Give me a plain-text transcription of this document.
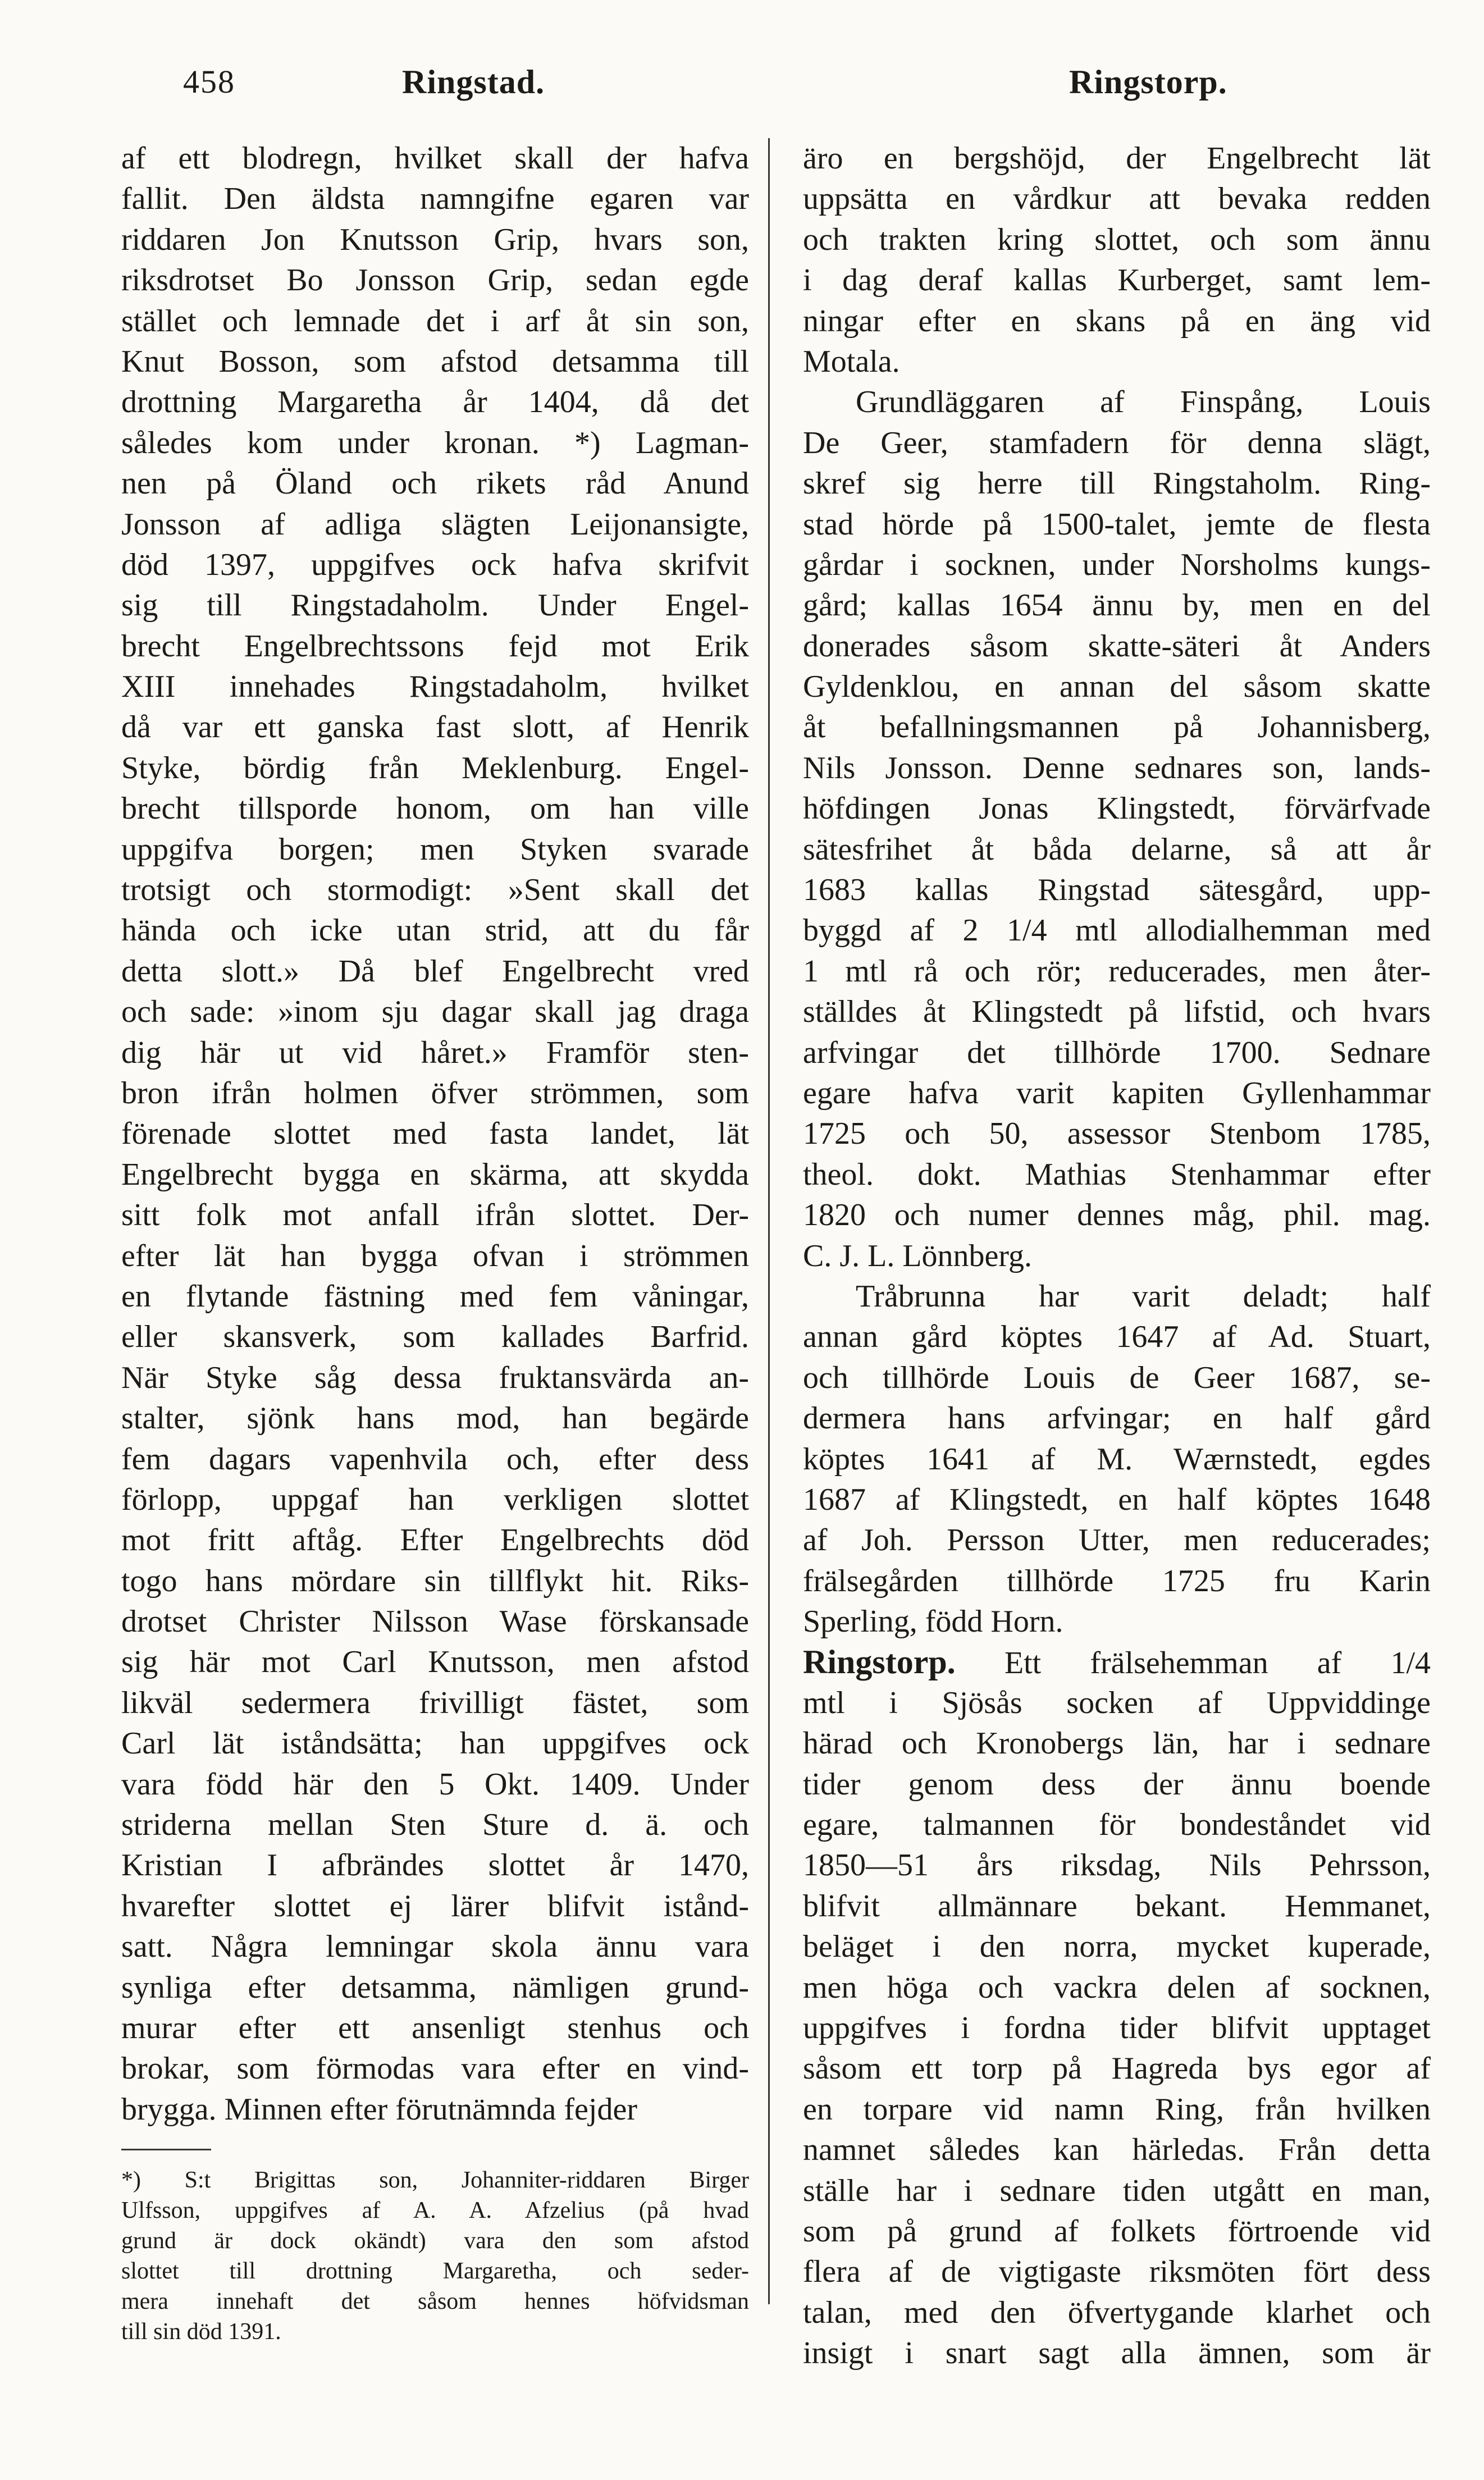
458	Ringstad.	Ringstorp.
af ett blodregn, hvilket skall der hafva
fallit. Den äldsta namngifne egaren var
riddaren Jon Knutsson Grip, hvars son,
riksdrotset Bo Jonsson Grip, sedan egde
stället och lemnade det i arf åt sin son,
Knut Bosson, som afstod detsamma till
drottning Margaretha år 1404, då det
således kom under kronan. *) Lagman-
nen på Öland och rikets råd Anund
Jonsson af adliga slägten Leijonansigte,
död 1397, uppgifves ock hafva skrifvit
sig till Ringstadaholm. Under Engel-
brecht Engelbrechtssons fejd mot Erik
XIII innehades Ringstadaholm, hvilket
då var ett ganska fast slott, af Henrik
Styke, bördig från Meklenburg. Engel-
brecht tillsporde honom, om han ville
uppgifva borgen; men Styken svarade
trotsigt och stormodigt: »Sent skall det
hända och icke utan strid, att du får
detta slott.» Då blef Engelbrecht vred
och sade: »inom sju dagar skall jag draga
dig här ut vid håret.» Framför sten-
bron ifrån holmen öfver strömmen, som
förenade slottet med fasta landet, lät
Engelbrecht bygga en skärma, att skydda
sitt folk mot anfall ifrån slottet. Der-
efter lät han bygga ofvan i strömmen
en flytande fästning med fem våningar,
eller skansverk, som kallades Barfrid.
När Styke såg dessa fruktansvärda an-
stalter, sjönk hans mod, han begärde
fem dagars vapenhvila och, efter dess
förlopp, uppgaf han verkligen slottet
mot fritt aftåg. Efter Engelbrechts död
togo hans mördare sin tillflykt hit. Riks-
drotset Christer Nilsson Wase förskansade
sig här mot Carl Knutsson, men afstod
likväl sedermera frivilligt fästet, som
Carl lät iståndsätta; han uppgifves ock
vara född här den 5 Okt. 1409. Under
striderna mellan Sten Sture d. ä. och
Kristian I afbrändes slottet år 1470,
hvarefter slottet ej lärer blifvit istånd-
satt. Några lemningar skola ännu vara
synliga efter detsamma, nämligen grund-
murar efter ett ansenligt stenhus och
brokar, som förmodas vara efter en vind-
brygga. Minnen efter förutnämnda fejder
*) S:t Brigittas son, Johanniter-riddaren Birger
Ulfsson, uppgifves af A. A. Afzelius (på hvad
grund är dock okändt) vara den som afstod
slottet till drottning Margaretha, och seder-
mera innehaft det såsom hennes höfvidsman
till sin död 1391.
äro en bergshöjd, der Engelbrecht lät
uppsätta en vårdkur att bevaka redden
och trakten kring slottet, och som ännu
i dag deraf kallas Kurberget, samt lem-
ningar efter en skans på en äng vid
Motala.
Grundläggaren af Finspång, Louis
De Geer, stamfadern för denna slägt,
skref sig herre till Ringstaholm. Ring-
stad hörde på 1500-talet, jemte de flesta
gårdar i socknen, under Norsholms kungs-
gård; kallas 1654 ännu by, men en del
donerades såsom skatte-säteri åt Anders
Gyldenklou, en annan del såsom skatte
åt befallningsmannen på Johannisberg,
Nils Jonsson. Denne sednares son, lands-
höfdingen Jonas Klingstedt, förvärfvade
sätesfrihet åt båda delarne, så att år
1683 kallas Ringstad sätesgård, upp-
byggd af 2 1/4 mtl allodialhemman med
1 mtl rå och rör; reducerades, men åter-
ställdes åt Klingstedt på lifstid, och hvars
arfvingar det tillhörde 1700. Sednare
egare hafva varit kapiten Gyllenhammar
1725 och 50, assessor Stenbom 1785,
theol. dokt. Mathias Stenhammar efter
1820 och numer dennes måg, phil. mag.
C. J. L. Lönnberg.
Tråbrunna har varit deladt; half
annan gård köptes 1647 af Ad. Stuart,
och tillhörde Louis de Geer 1687, se-
dermera hans arfvingar; en half gård
köptes 1641 af M. Wærnstedt, egdes
1687 af Klingstedt, en half köptes 1648
af Joh. Persson Utter, men reducerades;
frälsegården tillhörde 1725 fru Karin
Sperling, född Horn.
Ringstorp. Ett frälsehemman af 1/4
mtl i Sjösås socken af Uppviddinge
härad och Kronobergs län, har i sednare
tider genom dess der ännu boende
egare, talmannen för bondeståndet vid
1850—51 års riksdag, Nils Pehrsson,
blifvit allmännare bekant. Hemmanet,
beläget i den norra, mycket kuperade,
men höga och vackra delen af socknen,
uppgifves i fordna tider blifvit upptaget
såsom ett torp på Hagreda bys egor af
en torpare vid namn Ring, från hvilken
namnet således kan härledas. Från detta
ställe har i sednare tiden utgått en man,
som på grund af folkets förtroende vid
flera af de vigtigaste riksmöten fört dess
talan, med den öfvertygande klarhet och
insigt i snart sagt alla ämnen, som är
